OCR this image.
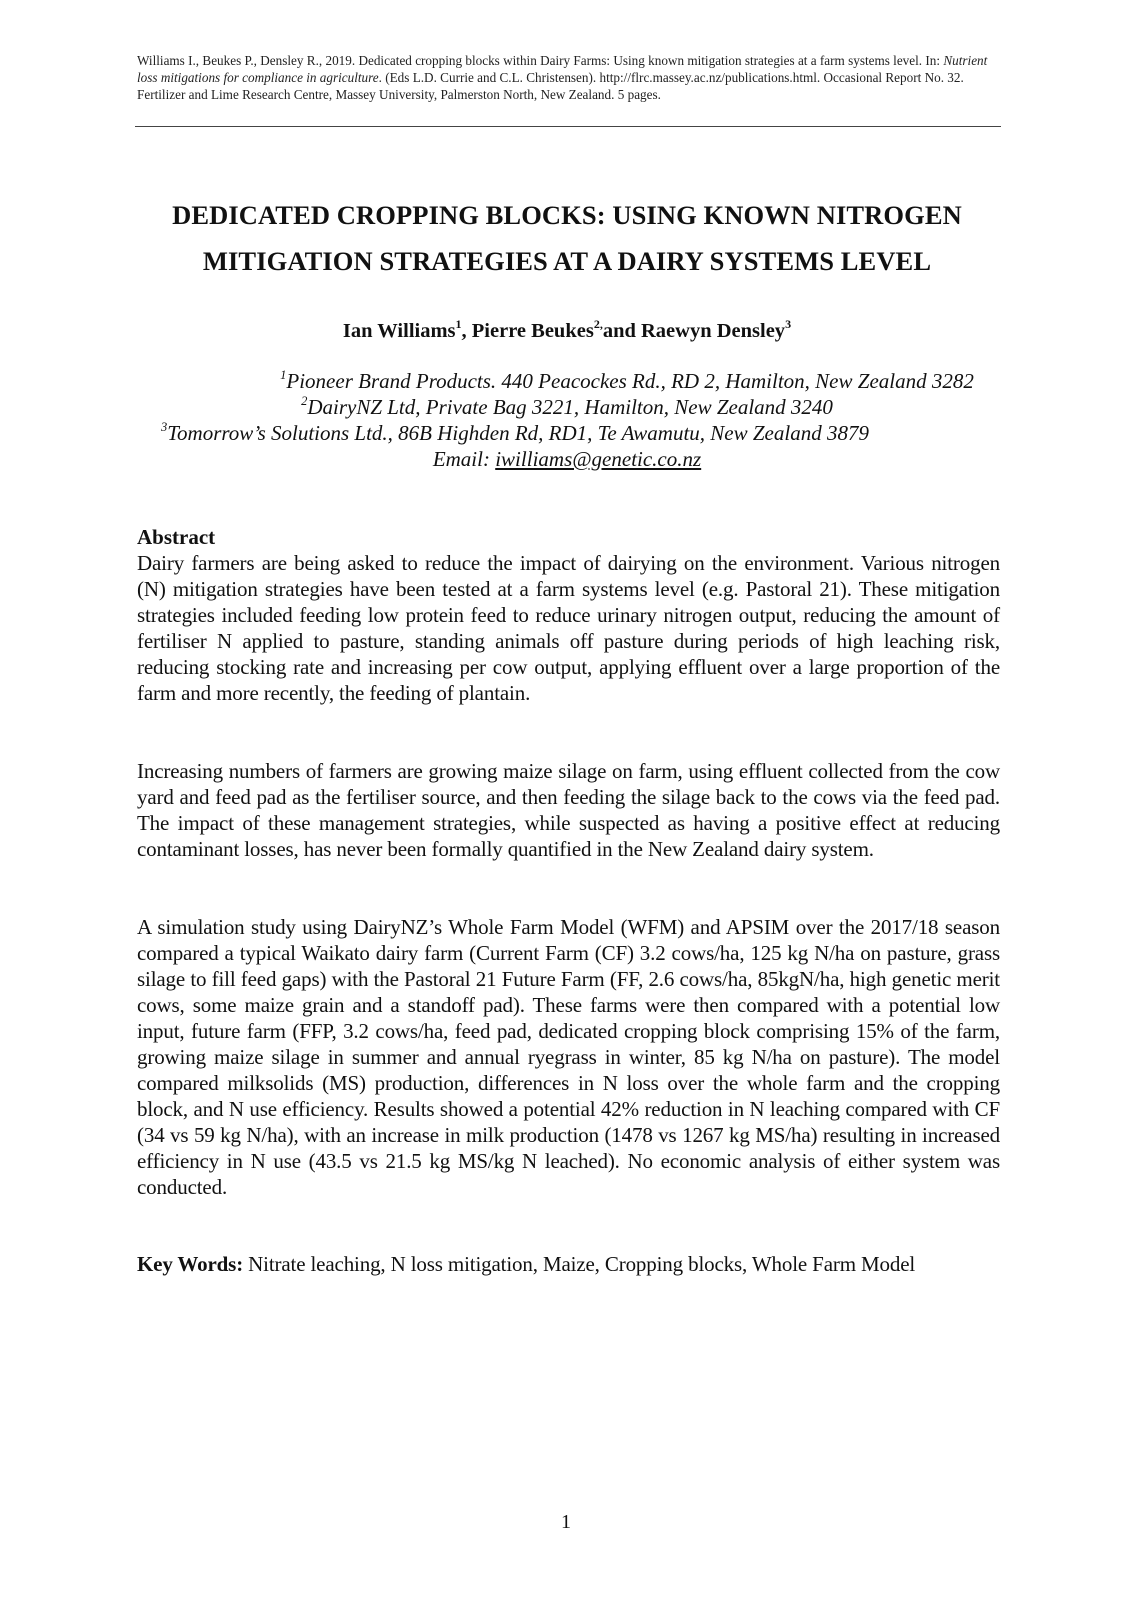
Williams I., Beukes P., Densley R., 2019. Dedicated cropping blocks within Dairy Farms: Using known mitigation strategies at a farm systems level. In: Nutrient loss mitigations for compliance in agriculture. (Eds L.D. Currie and C.L. Christensen). http://flrc.massey.ac.nz/publications.html. Occasional Report No. 32. Fertilizer and Lime Research Centre, Massey University, Palmerston North, New Zealand. 5 pages.
DEDICATED CROPPING BLOCKS: USING KNOWN NITROGEN
MITIGATION STRATEGIES AT A DAIRY SYSTEMS LEVEL
Ian Williams$^1$, Pierre Beukes$^{2,}$and Raewyn Densley$^3$
$^1$Pioneer Brand Products. 440 Peacockes Rd., RD 2, Hamilton, New Zealand 3282
$^2$DairyNZ Ltd, Private Bag 3221, Hamilton, New Zealand 3240
$^3$Tomorrow’s Solutions Ltd., 86B Highden Rd, RD1, Te Awamutu, New Zealand 3879
Email: iwilliams@genetic.co.nz
Abstract
Dairy farmers are being asked to reduce the impact of dairying on the environment. Various nitrogen (N) mitigation strategies have been tested at a farm systems level (e.g. Pastoral 21). These mitigation strategies included feeding low protein feed to reduce urinary nitrogen output, reducing the amount of fertiliser N applied to pasture, standing animals off pasture during periods of high leaching risk, reducing stocking rate and increasing per cow output, applying effluent over a large proportion of the farm and more recently, the feeding of plantain.
Increasing numbers of farmers are growing maize silage on farm, using effluent collected from the cow yard and feed pad as the fertiliser source, and then feeding the silage back to the cows via the feed pad. The impact of these management strategies, while suspected as having a positive effect at reducing contaminant losses, has never been formally quantified in the New Zealand dairy system.
A simulation study using DairyNZ’s Whole Farm Model (WFM) and APSIM over the 2017/18 season compared a typical Waikato dairy farm (Current Farm (CF) 3.2 cows/ha, 125 kg N/ha on pasture, grass silage to fill feed gaps) with the Pastoral 21 Future Farm (FF, 2.6 cows/ha, 85kgN/ha, high genetic merit cows, some maize grain and a standoff pad). These farms were then compared with a potential low input, future farm (FFP, 3.2 cows/ha, feed pad, dedicated cropping block comprising 15% of the farm, growing maize silage in summer and annual ryegrass in winter, 85 kg N/ha on pasture). The model compared milksolids (MS) production, differences in N loss over the whole farm and the cropping block, and N use efficiency. Results showed a potential 42% reduction in N leaching compared with CF (34 vs 59 kg N/ha), with an increase in milk production (1478 vs 1267 kg MS/ha) resulting in increased efficiency in N use (43.5 vs 21.5 kg MS/kg N leached). No economic analysis of either system was conducted.
Key Words: Nitrate leaching, N loss mitigation, Maize, Cropping blocks, Whole Farm Model
1
